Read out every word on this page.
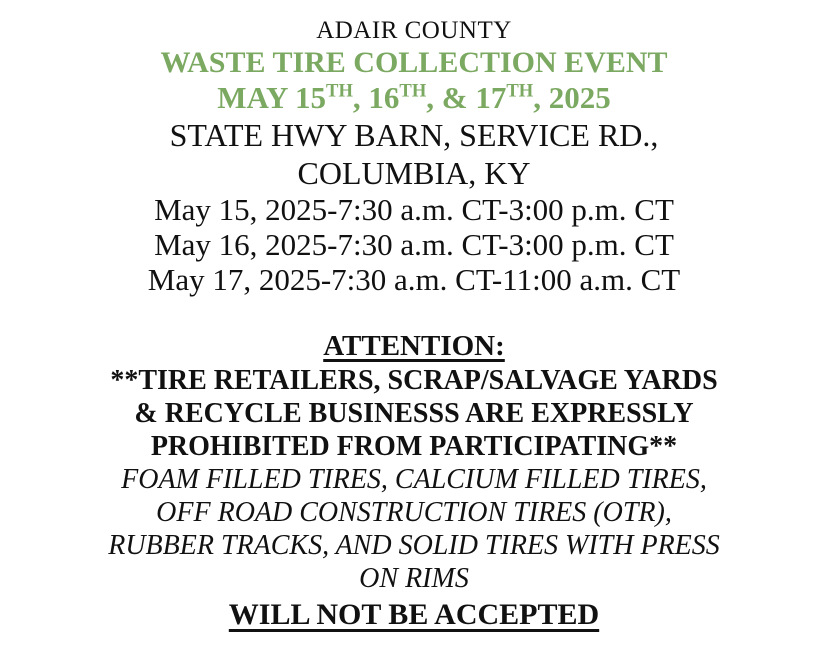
ADAIR COUNTY
WASTE TIRE COLLECTION EVENT
MAY 15TH, 16TH, & 17TH, 2025
STATE HWY BARN, SERVICE RD.,
COLUMBIA, KY
May 15, 2025-7:30 a.m. CT-3:00 p.m. CT
May 16, 2025-7:30 a.m. CT-3:00 p.m. CT
May 17, 2025-7:30 a.m. CT-11:00 a.m. CT
ATTENTION:
**TIRE RETAILERS, SCRAP/SALVAGE YARDS
& RECYCLE BUSINESSS ARE EXPRESSLY
PROHIBITED FROM PARTICIPATING**
FOAM FILLED TIRES, CALCIUM FILLED TIRES,
OFF ROAD CONSTRUCTION TIRES (OTR),
RUBBER TRACKS, AND SOLID TIRES WITH PRESS
ON RIMS
WILL NOT BE ACCEPTED
